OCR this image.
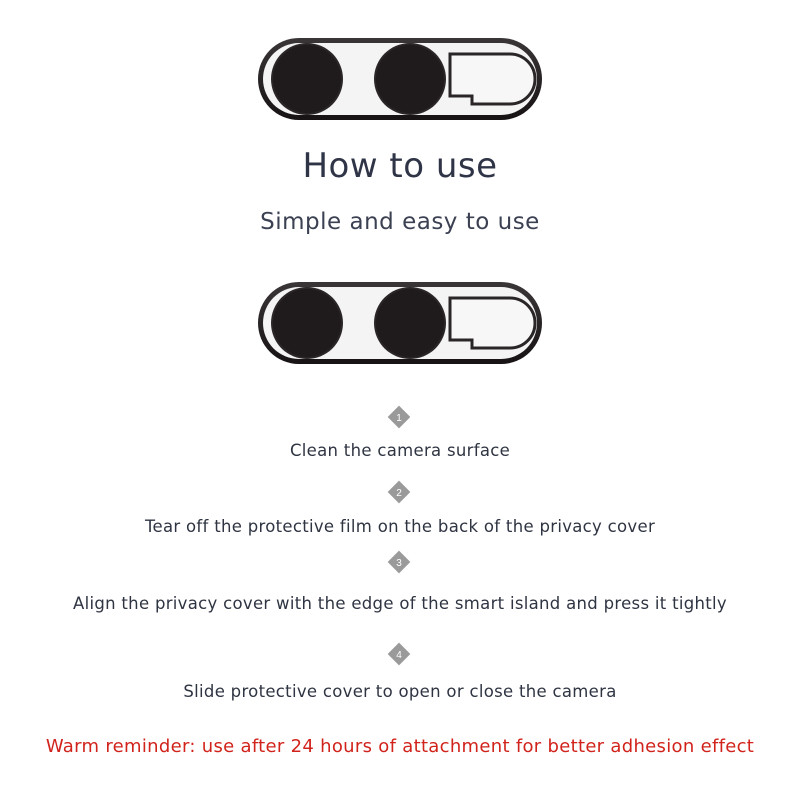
How to use
Simple and easy to use
1
Clean the camera surface
2
Tear off the protective film on the back of the privacy cover
3
Align the privacy cover with the edge of the smart island and press it tightly
4
Slide protective cover to open or close the camera
Warm reminder: use after 24 hours of attachment for better adhesion effect
